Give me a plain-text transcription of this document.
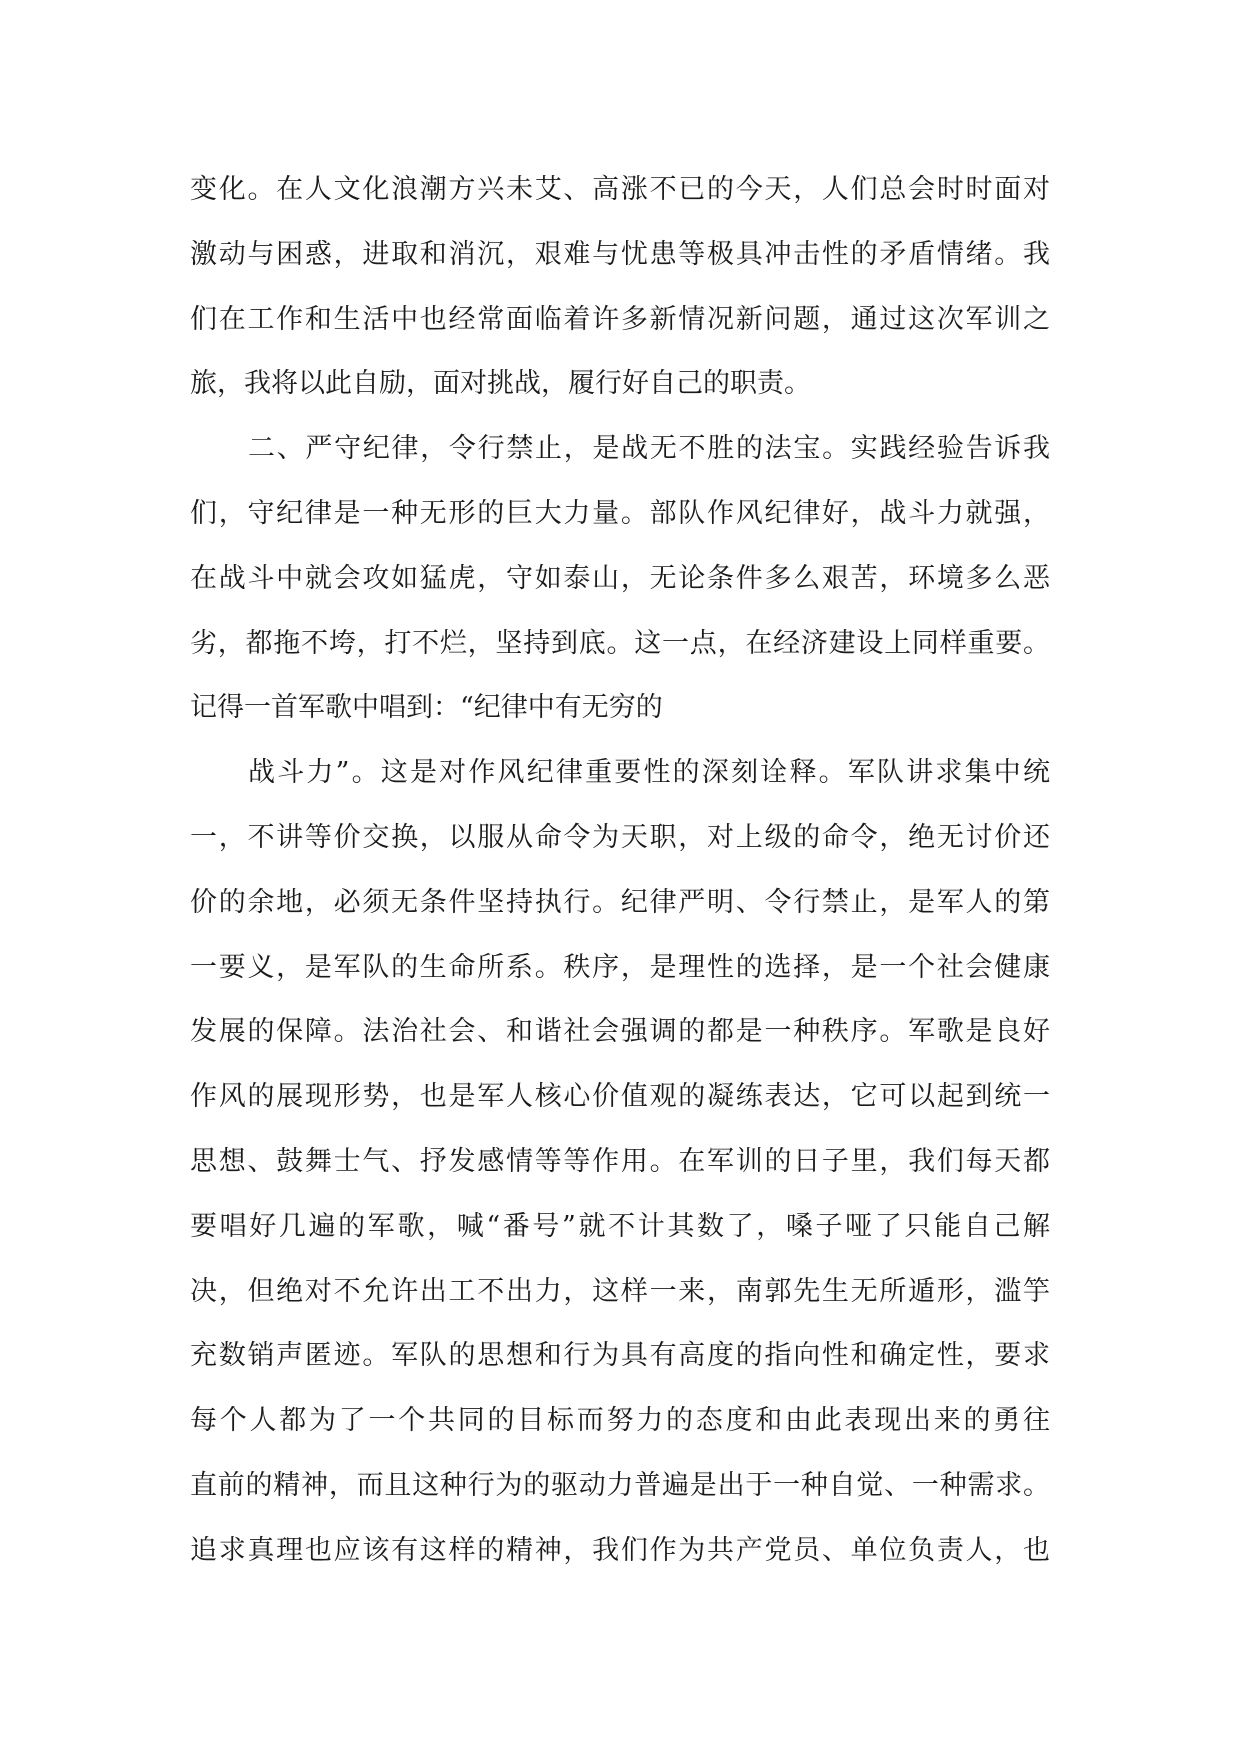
变化。在人文化浪潮方兴未艾、高涨不已的今天，人们总会时时面对
激动与困惑，进取和消沉，艰难与忧患等极具冲击性的矛盾情绪。我
们在工作和生活中也经常面临着许多新情况新问题，通过这次军训之
旅，我将以此自励，面对挑战，履行好自己的职责。
二、严守纪律，令行禁止，是战无不胜的法宝。实践经验告诉我
们，守纪律是一种无形的巨大力量。部队作风纪律好，战斗力就强，
在战斗中就会攻如猛虎，守如泰山，无论条件多么艰苦，环境多么恶
劣，都拖不垮，打不烂，坚持到底。这一点，在经济建设上同样重要。
记得一首军歌中唱到：“纪律中有无穷的
战斗力”。这是对作风纪律重要性的深刻诠释。军队讲求集中统
一，不讲等价交换，以服从命令为天职，对上级的命令，绝无讨价还
价的余地，必须无条件坚持执行。纪律严明、令行禁止，是军人的第
一要义，是军队的生命所系。秩序，是理性的选择，是一个社会健康
发展的保障。法治社会、和谐社会强调的都是一种秩序。军歌是良好
作风的展现形势，也是军人核心价值观的凝练表达，它可以起到统一
思想、鼓舞士气、抒发感情等等作用。在军训的日子里，我们每天都
要唱好几遍的军歌，喊“番号”就不计其数了，嗓子哑了只能自己解
决，但绝对不允许出工不出力，这样一来，南郭先生无所遁形，滥竽
充数销声匿迹。军队的思想和行为具有高度的指向性和确定性，要求
每个人都为了一个共同的目标而努力的态度和由此表现出来的勇往
直前的精神，而且这种行为的驱动力普遍是出于一种自觉、一种需求。
追求真理也应该有这样的精神，我们作为共产党员、单位负责人，也
